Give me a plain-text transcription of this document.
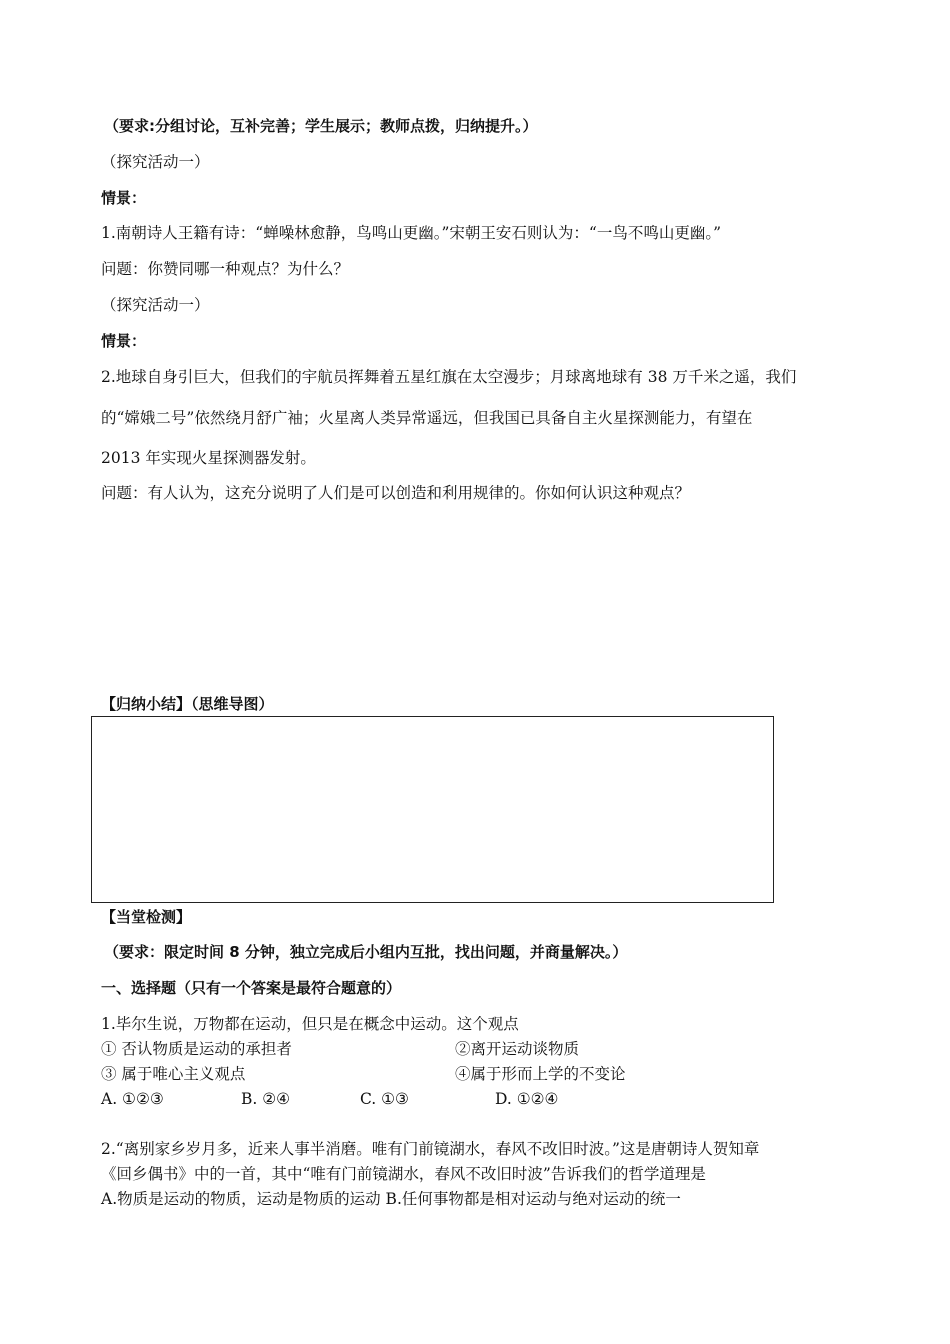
（要求:分组讨论，互补完善；学生展示；教师点拨，归纳提升。）
（探究活动一）
情景：
1.南朝诗人王籍有诗：“蝉噪林愈静，鸟鸣山更幽。”宋朝王安石则认为：“一鸟不鸣山更幽。”
问题：你赞同哪一种观点？为什么？
（探究活动一）
情景：
2.地球自身引巨大，但我们的宇航员挥舞着五星红旗在太空漫步；月球离地球有 38 万千米之遥，我们
的“嫦娥二号”依然绕月舒广袖；火星离人类异常遥远，但我国已具备自主火星探测能力，有望在
2013 年实现火星探测器发射。
问题：有人认为，这充分说明了人们是可以创造和利用规律的。你如何认识这种观点？
【归纳小结】（思维导图）
【当堂检测】
（要求：限定时间 8 分钟，独立完成后小组内互批，找出问题，并商量解决。）
一、选择题（只有一个答案是最符合题意的）
1.毕尔生说，万物都在运动，但只是在概念中运动。这个观点
① 否认物质是运动的承担者	②离开运动谈物质
③ 属于唯心主义观点	④属于形而上学的不变论
A. ①②③	B. ②④	C. ①③	D. ①②④
2.“离别家乡岁月多，近来人事半消磨。唯有门前镜湖水，春风不改旧时波。”这是唐朝诗人贺知章
《回乡偶书》中的一首，其中“唯有门前镜湖水，春风不改旧时波”告诉我们的哲学道理是
A.物质是运动的物质，运动是物质的运动 B.任何事物都是相对运动与绝对运动的统一
